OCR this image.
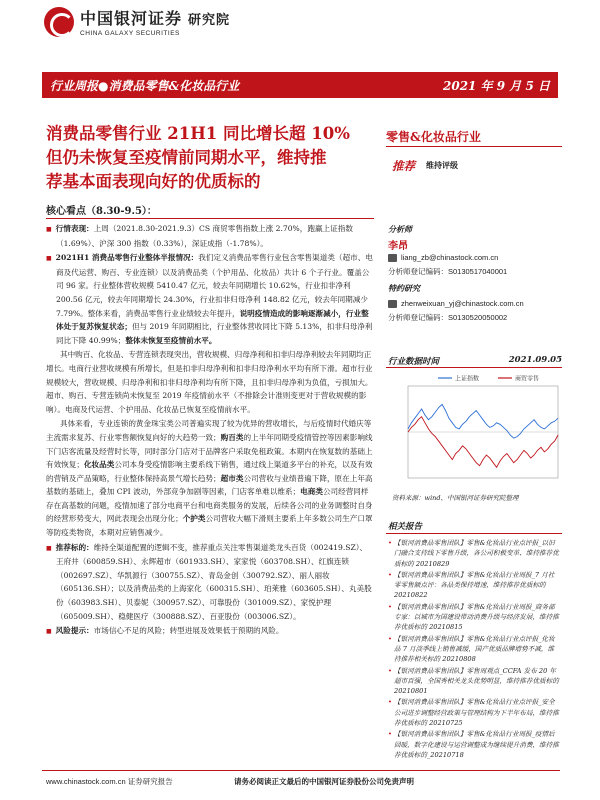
中国银河证券 研究院
CHINA GALAXY SECURITIES
行业周报●消费品零售&化妆品行业	2021 年 9 月 5 日
消费品零售行业 21H1 同比增长超 10%
但仍未恢复至疫情前同期水平，维持推
荐基本面表现向好的优质标的
核心看点（8.30-9.5）：

■ 行情表现：上周（2021.8.30-2021.9.3）CS 商贸零售指数上涨 2.70%，跑赢上证指数（1.69%）、沪深 300 指数（0.33%），深证成指（-1.78%）。

■ 2021H1 消费品零售行业整体半报情况：我们定义消费品零售行业包含零售渠道类（超市、电商及代运营、购百、专业连锁）以及消费品类（个护用品、化妆品）共计 6 个子行业。覆盖公司 96 家。行业整体营收规模 5410.47 亿元，较去年同期增长 10.62%，行业扣非净利 200.56 亿元，较去年同期增长 24.30%，行业扣非归母净利 148.82 亿元，较去年同期减少 7.79%。整体来看，消费品零售行业业绩较去年提升，说明疫情造成的影响逐渐减小，行业整体处于复苏恢复状态；但与 2019 年同期相比，行业整体营收同比下降 5.13%，扣非归母净利同比下降 40.99%；整体未恢复至疫情前水平。

其中购百、化妆品、专营连锁表现突出，营收规模、归母净利和扣非归母净利较去年同期均正增长。电商行业营收规模有所增长，但是扣非归母净利和扣非归母净利水平均有所下滑。超市行业规模较大，营收规模、归母净利和扣非归母净利均有所下降，且扣非归母净利为负值，亏损加大。超市、购百、专营连锁尚未恢复至 2019 年疫情前水平（不排除会计准则变更对于营收规模的影响）。电商及代运营、个护用品、化妆品已恢复至疫情前水平。

具体来看，专业连锁的黄金珠宝类公司普遍实现了较为优异的营收增长，与后疫情时代婚庆等主流需求复苏、行业零售额恢复向好的大趋势一致；购百类的上半年同期受疫情管控等因素影响线下门店客流量及经营时长等，同时部分门店对于品牌客户采取免租政策。本期内在恢复数的基础上有效恢复；化妆品类公司本身受疫情影响主要系线下销售，通过线上渠道多平台的补充，以及有效的营销及产品策略，行业整体保持高景气增长趋势；超市类公司营收与业绩普遍下降，原在上年高基数的基础上，叠加 CPI 波动，外部竞争加剧等因素，门店客单难以维系；电商类公司经营同样存在高基数的问题，疫情加速了部分电商平台和电商类服务的发展，后续各公司的业务调整时自身的经营形势变大，网此表现会出现分化；个护类公司营收大幅下滑则主要系上年多数公司生产口罩等防疫类物资，本期对应销售减少。

■ 推荐标的：维持全渠道配置的逻辑不变，推荐重点关注零售渠道类龙头百货（002419.SZ）、王府井（600859.SH）、永辉超市（601933.SH）、家家悦（603708.SH）、红旗连锁（002697.SZ）、华凯源行（300755.SZ）、青岛金创（300792.SZ）、丽人丽妆（605136.SH）；以及消费品类的上海家化（600315.SH）、珀莱雅（603605.SH）、丸美股份（603983.SH）、贝泰妮（300957.SZ）、可靠股份（301009.SZ）、家悦护理（605009.SH）、稳健医疗（300888.SZ）、百亚股份（003006.SZ）。

■ 风险提示：市场信心不足的风险；转型进展及效果低于预期的风险。

零售&化妆品行业
推荐 维持评级
分析师
李昂
liang_zb@chinastock.com.cn
分析师登记编码：S0130517040001
特约研究
zhenweixuan_yj@chinastock.com.cn
分析师登记编码：S0130520050002
行业数据时间	2021.09.05
上证指数	商贸零售
资料来源：wind、中国银河证券研究院整理
相关报告

• 【银河消费品零售团队】零售&化妆品行业点评报_以旧门融合支持线下零售升级，各公司积极变革、维持推荐优质标的 20210829

• 【银河消费品零售团队】零售&化妆品行业周报_7 月社零零售额点评：各品类保持增速，维持推荐优质标的 20210822

• 【银河消费品零售团队】零售&化妆品行业周报_商务部专家：以城市为国建设带动消费升级与经济发展，维持推荐优质标的 20210815

• 【银河消费品零售团队】零售&化妆品行业点评报_化妆品 7 月淡季线上销售减缓，国产优质品牌增势不减，维持推荐相关标的 20210808

• 【银河消费品零售团队】零售周观点_CCFA 发布 20 年超市百强，全国秀相关龙头优势明显，维持推荐优质标的 20210801

• 【银河消费品零售团队】零售&化妆品行业点评报_安全公司进步调整经营政策与管理结构为下半年布局，维持推荐优质标的 20210725

• 【银河消费品零售团队】零售&化妆品行业周报_疫情后回暖，数字化建设与运营调整成为继续提升消费，维持推荐优质标的_20210718

www.chinastock.com.cn 证券研究报告	请务必阅读正文最后的中国银河证券股份公司免责声明
